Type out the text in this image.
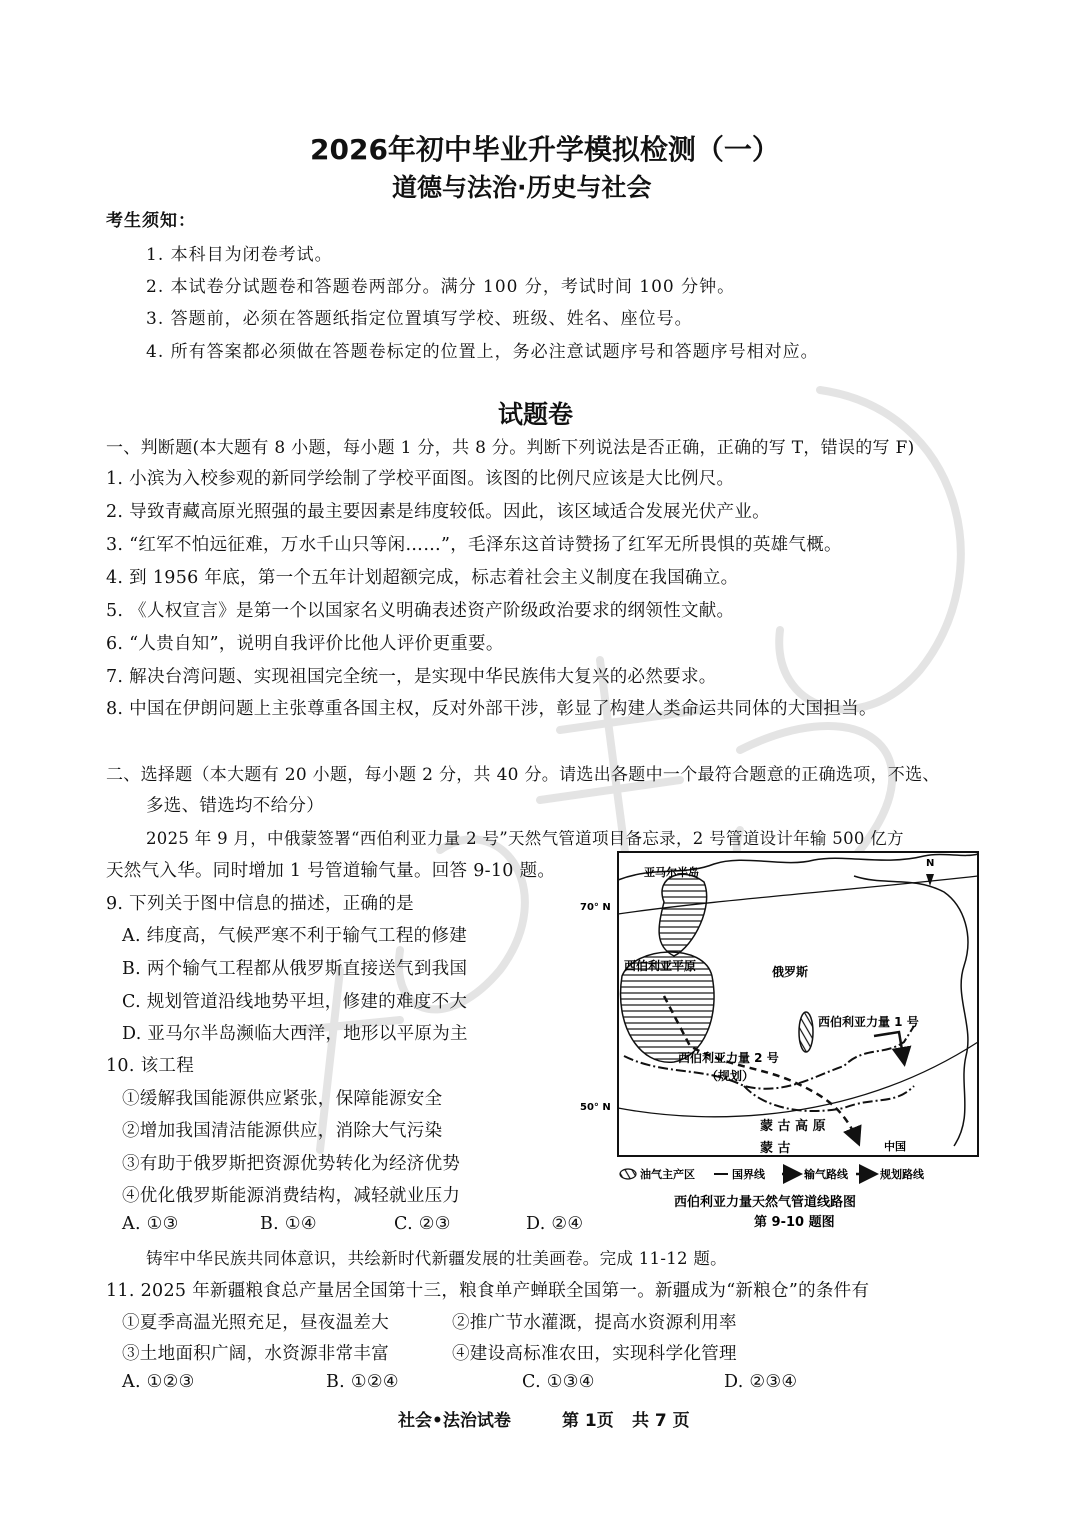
2026年初中毕业升学模拟检测（一）
道德与法治·历史与社会
考生须知：
1. 本科目为闭卷考试。
2. 本试卷分试题卷和答题卷两部分。满分 100 分，考试时间 100 分钟。
3. 答题前，必须在答题纸指定位置填写学校、班级、姓名、座位号。
4. 所有答案都必须做在答题卷标定的位置上，务必注意试题序号和答题序号相对应。
试题卷
一、判断题(本大题有 8 小题，每小题 1 分，共 8 分。判断下列说法是否正确，正确的写 T，错误的写 F)
1. 小滨为入校参观的新同学绘制了学校平面图。该图的比例尺应该是大比例尺。
2. 导致青藏高原光照强的最主要因素是纬度较低。因此，该区域适合发展光伏产业。
3. “红军不怕远征难，万水千山只等闲……”，毛泽东这首诗赞扬了红军无所畏惧的英雄气概。
4. 到 1956 年底，第一个五年计划超额完成，标志着社会主义制度在我国确立。
5. 《人权宣言》是第一个以国家名义明确表述资产阶级政治要求的纲领性文献。
6. “人贵自知”，说明自我评价比他人评价更重要。
7. 解决台湾问题、实现祖国完全统一，是实现中华民族伟大复兴的必然要求。
8. 中国在伊朗问题上主张尊重各国主权，反对外部干涉，彰显了构建人类命运共同体的大国担当。
二、选择题（本大题有 20 小题，每小题 2 分，共 40 分。请选出各题中一个最符合题意的正确选项，不选、
多选、错选均不给分）
2025 年 9 月，中俄蒙签署“西伯利亚力量 2 号”天然气管道项目备忘录，2 号管道设计年输 500 亿方
天然气入华。同时增加 1 号管道输气量。回答 9-10 题。
9. 下列关于图中信息的描述，正确的是
A. 纬度高，气候严寒不利于输气工程的修建
B. 两个输气工程都从俄罗斯直接送气到我国
C. 规划管道沿线地势平坦，修建的难度不大
D. 亚马尔半岛濒临大西洋，地形以平原为主
10. 该工程
①缓解我国能源供应紧张，保障能源安全
②增加我国清洁能源供应，消除大气污染
③有助于俄罗斯把资源优势转化为经济优势
④优化俄罗斯能源消费结构，减轻就业压力
A. ①③	B. ①④	C. ②③	D. ②④
亚马尔半岛
70° N
50° N
N
西伯利亚平原	俄罗斯
西伯利亚力量 1 号
西伯利亚力量 2 号
（规划）
蒙 古 高 原
蒙 古	中国
油气主产区	国界线	输气路线	规划路线
西伯利亚力量天然气管道线路图
第 9-10 题图
铸牢中华民族共同体意识，共绘新时代新疆发展的壮美画卷。完成 11-12 题。
11. 2025 年新疆粮食总产量居全国第十三，粮食单产蝉联全国第一。新疆成为“新粮仓”的条件有
①夏季高温光照充足，昼夜温差大	②推广节水灌溉，提高水资源利用率
③土地面积广阔，水资源非常丰富	④建设高标准农田，实现科学化管理
A. ①②③	B. ①②④	C. ①③④	D. ②③④
社会•法治试卷	第 1页 共 7 页
